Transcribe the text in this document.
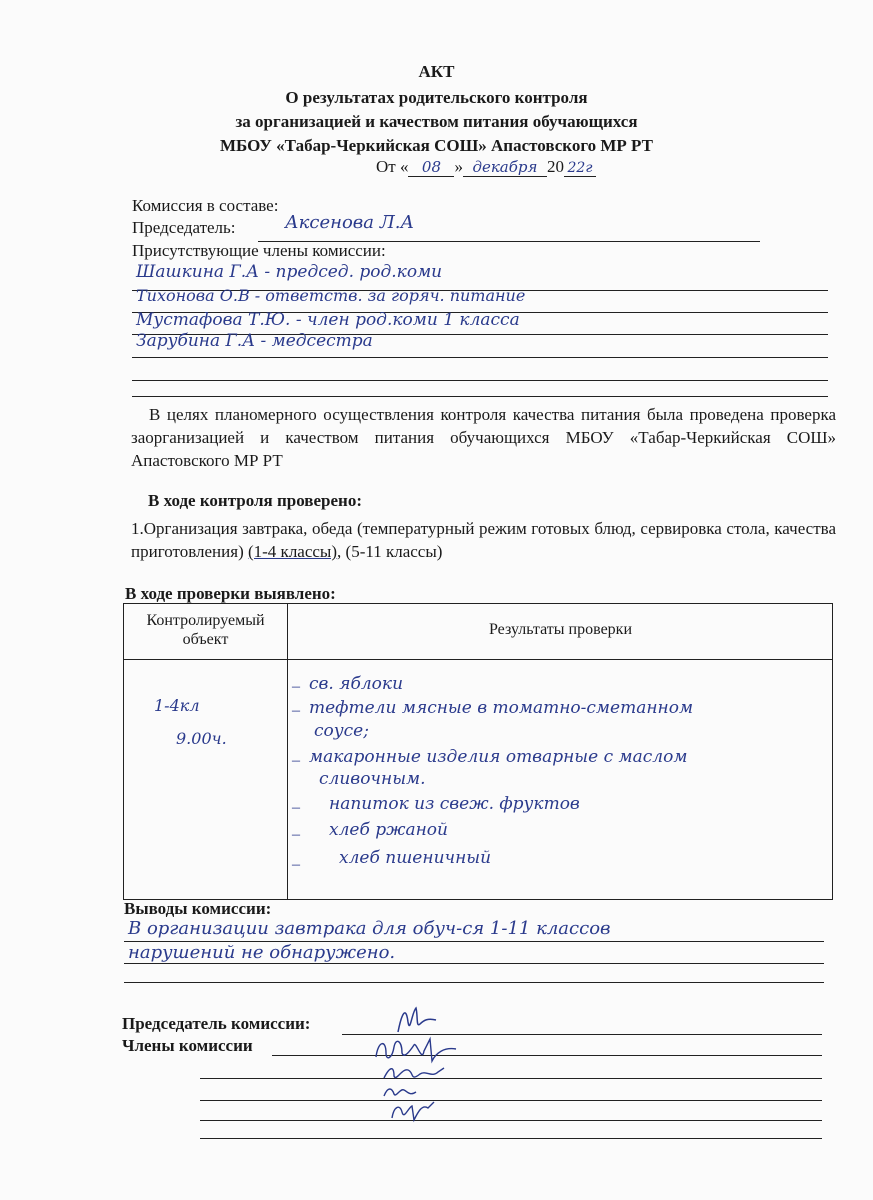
АКТ
О результатах родительского контроля
за организацией и качеством питания обучающихся
МБОУ «Табар-Черкийская СОШ» Апастовского МР РТ
От « 08 » декабря 20 22г
Комиссия в составе:
Председатель:	Аксенова Л.А
Присутствующие члены комиссии:
Шашкина Г.А - председ. род.коми
Тихонова О.В - ответств. за горяч. питание
Мустафова Т.Ю. - член род.коми 1 класса
Зарубина Г.А - медсестра
В целях планомерного осуществления контроля качества питания была проведена проверка заорганизацией и качеством питания обучающихся МБОУ «Табар-Черкийская СОШ» Апастовского МР РТ
В ходе контроля проверено:
1.Организация завтрака, обеда (температурный режим готовых блюд, сервировка стола, качества приготовления) (1-4 классы), (5-11 классы)
В ходе проверки выявлено:
Контролируемый объект
Результаты проверки
1-4кл
9.00ч.
–
–
–
–
–
–
св. яблоки
тефтели мясные в томатно-сметанном
соусе;
макаронные изделия отварные с маслом
сливочным.
напиток из свеж. фруктов
хлеб ржаной
хлеб пшеничный
Выводы комиссии:
В организации завтрака для обуч-ся 1-11 классов
нарушений не обнаружено.
Председатель комиссии:
Члены комиссии
